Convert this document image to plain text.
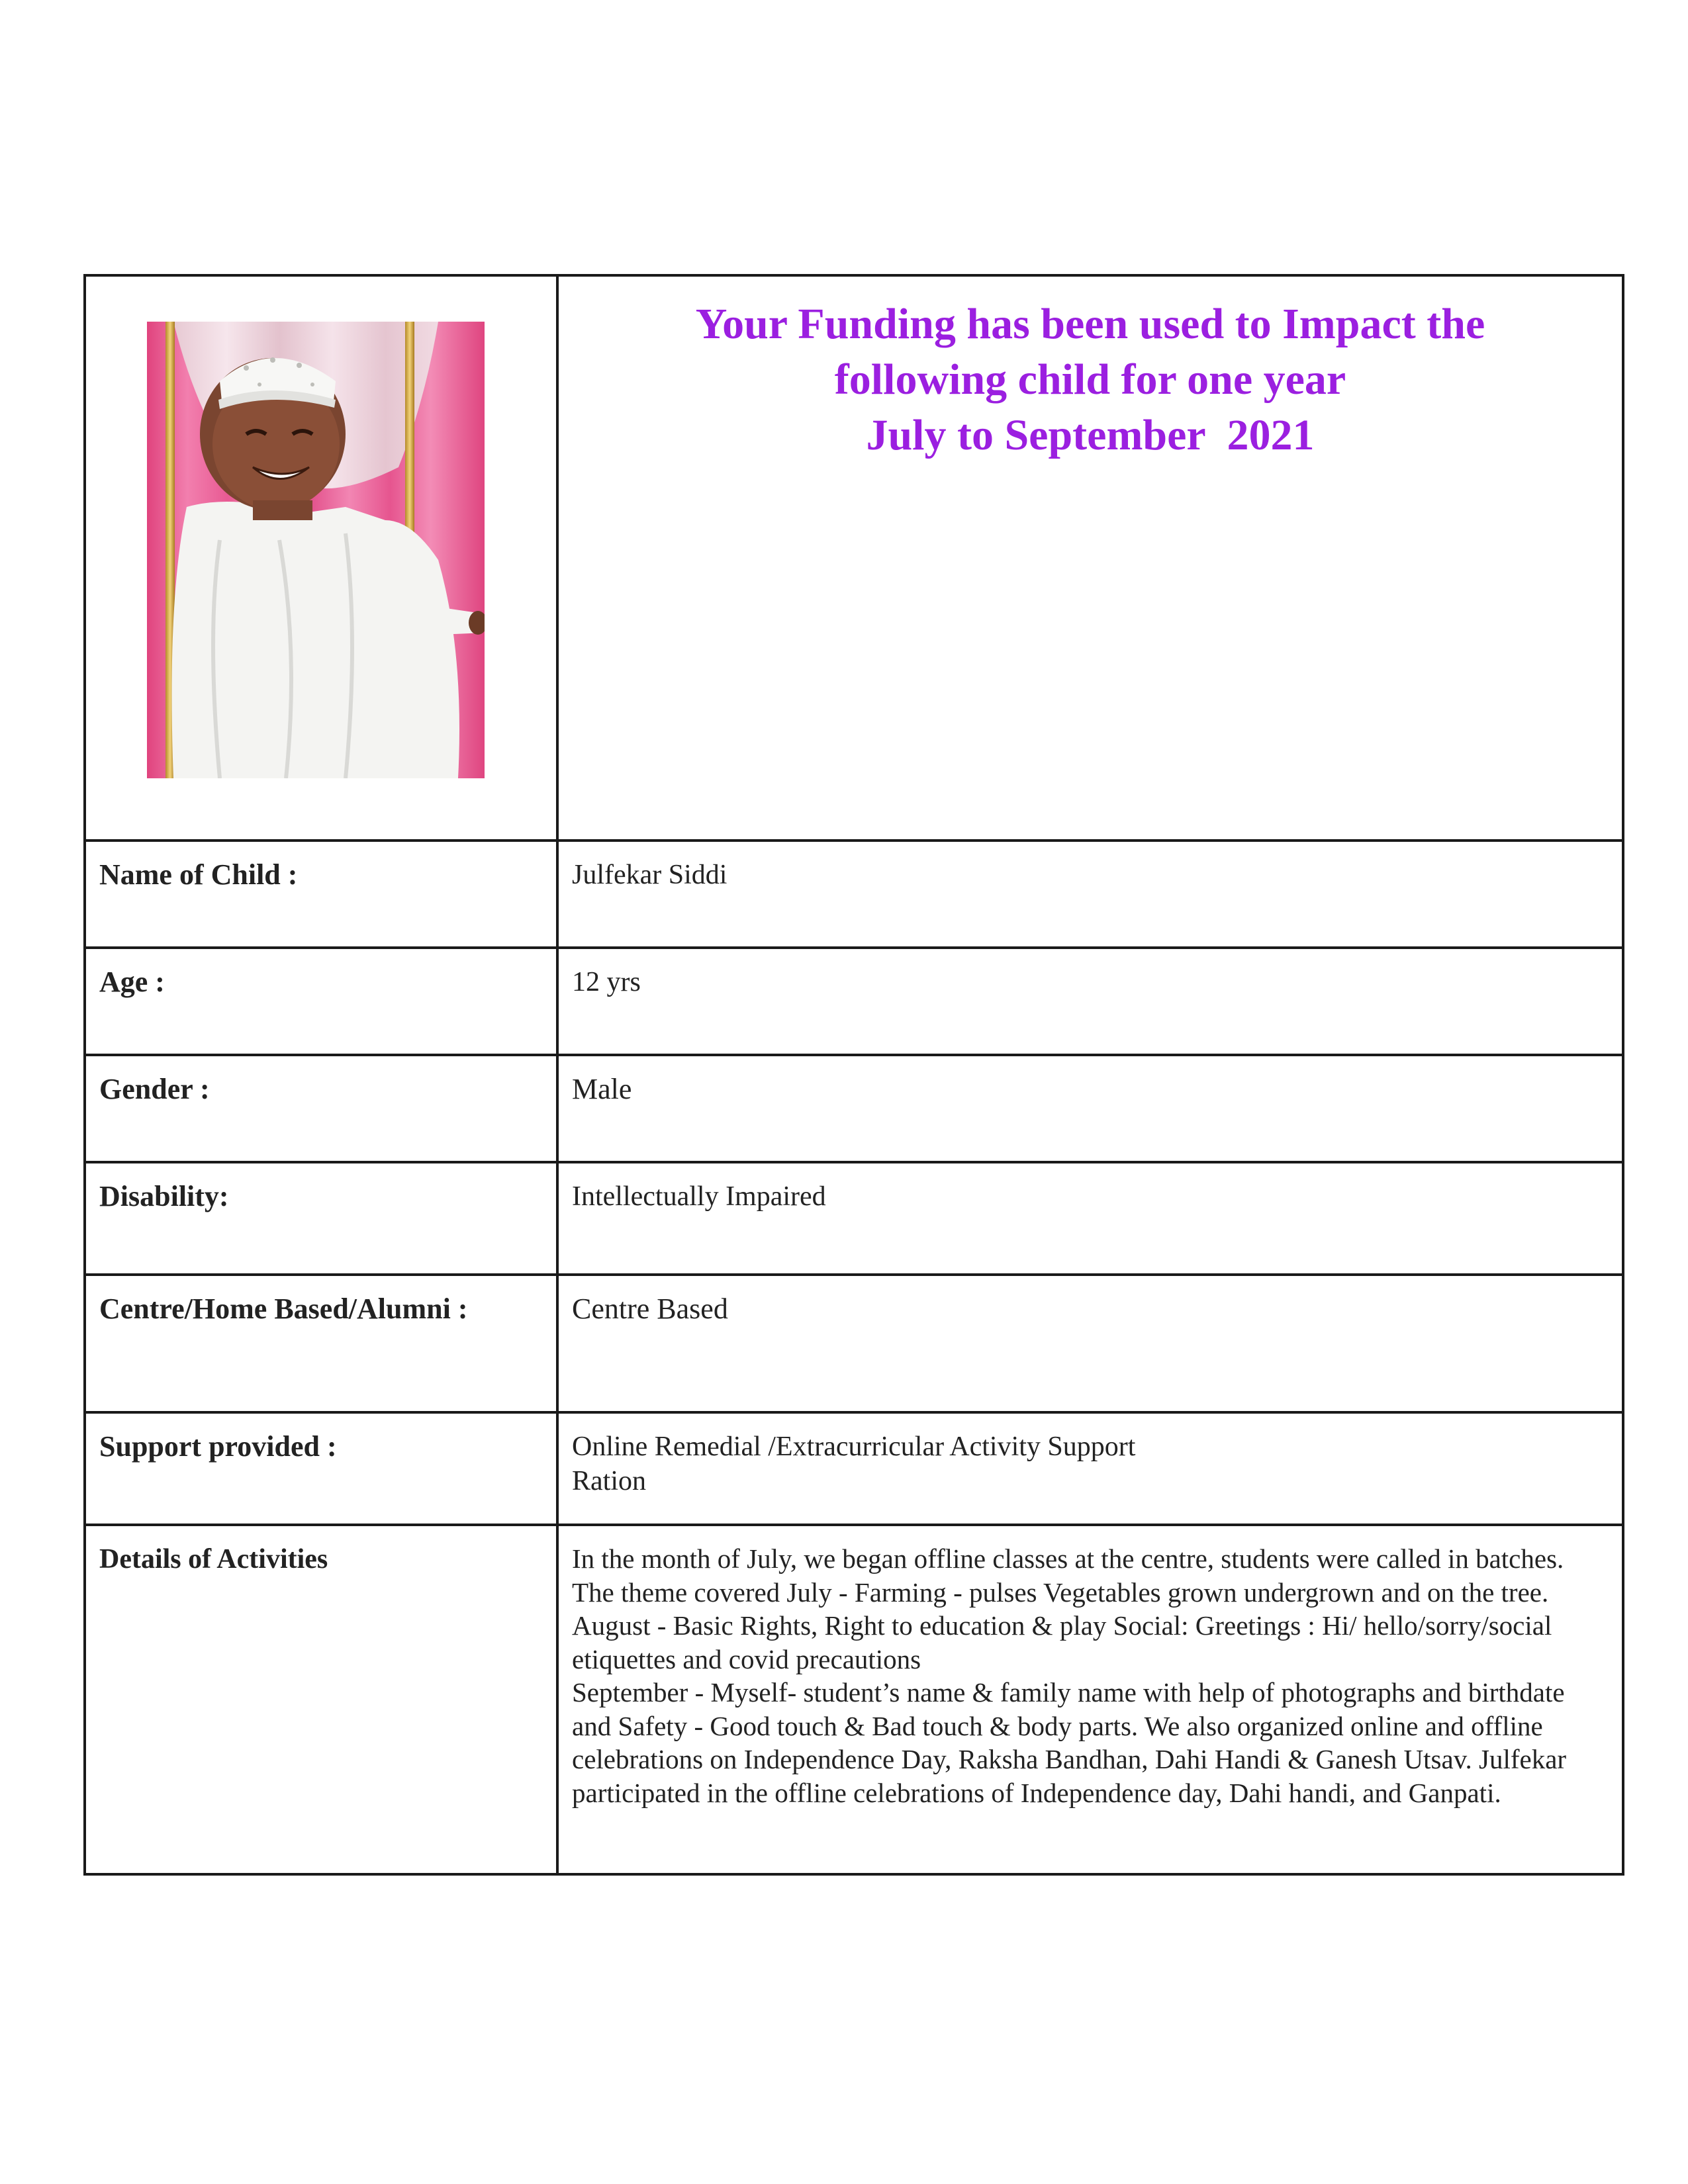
Your Funding has been used to Impact the
following child for one year
July to September  2021

Name of Child :	Julfekar Siddi

Age :	12 yrs

Gender :	Male

Disability:	Intellectually Impaired

Centre/Home Based/Alumni :	Centre Based

Support provided :	Online Remedial /Extracurricular Activity Support
Ration

Details of Activities	In the month of July, we began offline classes at the centre, students were called in batches.
The theme covered July - Farming - pulses Vegetables grown undergrown and on the tree. August - Basic Rights, Right to education & play Social: Greetings : Hi/ hello/sorry/social etiquettes and covid precautions
September - Myself- student’s name & family name with help of photographs and birthdate and Safety - Good touch & Bad touch & body parts. We also organized online and offline celebrations on Independence Day, Raksha Bandhan, Dahi Handi & Ganesh Utsav. Julfekar participated in the offline celebrations of Independence day, Dahi handi, and Ganpati.
